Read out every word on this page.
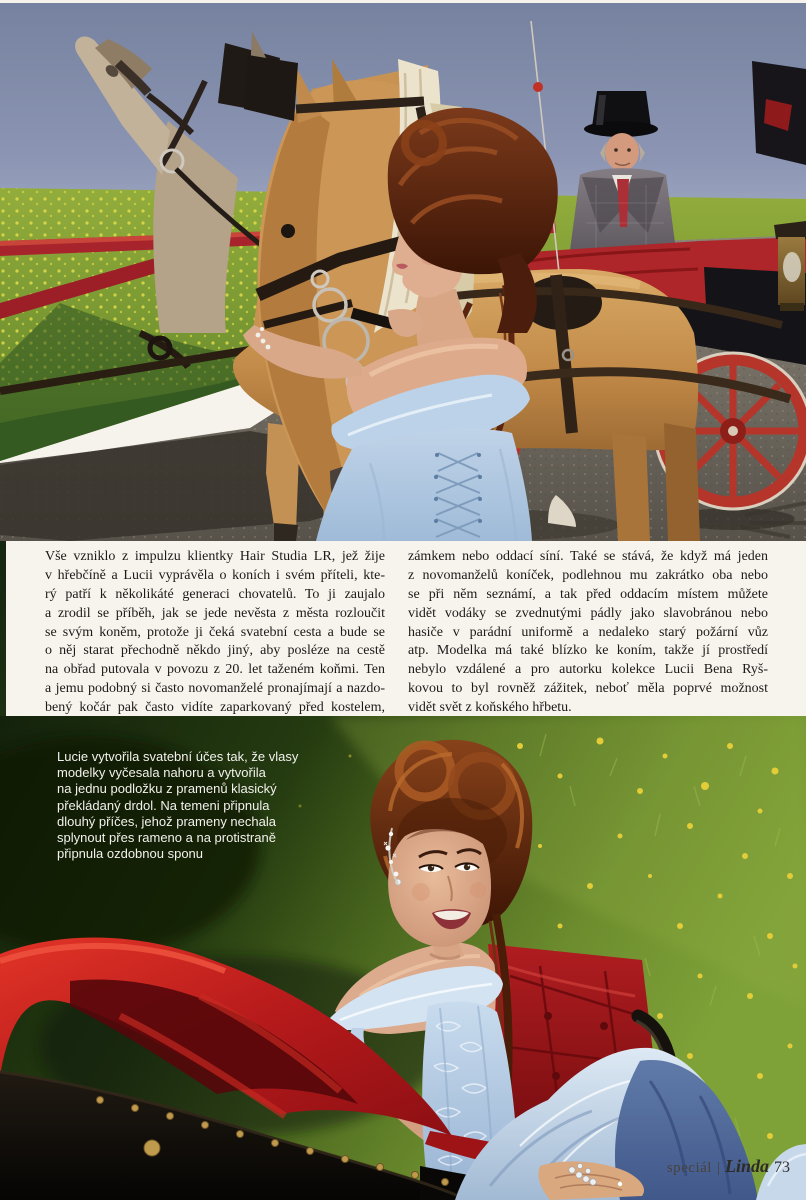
Vše vzniklo z impulzu klientky Hair Studia LR, jež žije
v hřebčíně a Lucii vyprávěla o koních i svém příteli, kte-
rý patří k několikáté generaci chovatelů. To ji zaujalo
a zrodil se příběh, jak se jede nevěsta z města rozloučit
se svým koněm, protože ji čeká svatební cesta a bude se
o něj starat přechodně někdo jiný, aby posléze na cestě
na obřad putovala v povozu z 20. let taženém koňmi. Ten
a jemu podobný si často novomanželé pronajímají a nazdo-
bený kočár pak často vidíte zaparkovaný před kostelem,
zámkem nebo oddací síní. Také se stává, že když má jeden
z novomanželů koníček, podlehnou mu zakrátko oba nebo
se při něm seznámí, a tak před oddacím místem můžete
vidět vodáky se zvednutými pádly jako slavobránou nebo
hasiče v parádní uniformě a nedaleko starý požární vůz
atp. Modelka má také blízko ke koním, takže jí prostředí
nebylo vzdálené a pro autorku kolekce Lucii Bena Ryš-
kovou to byl rovněž zážitek, neboť měla poprvé možnost
vidět svět z koňského hřbetu.
Lucie vytvořila svatební účes tak, že vlasy
modelky vyčesala nahoru a vytvořila
na jednu podložku z pramenů klasický
překládaný drdol. Na temeni připnula
dlouhý příčes, jehož prameny nechala
splynout přes rameno a na protistraně
připnula ozdobnou sponu
speciál | Linda 73
